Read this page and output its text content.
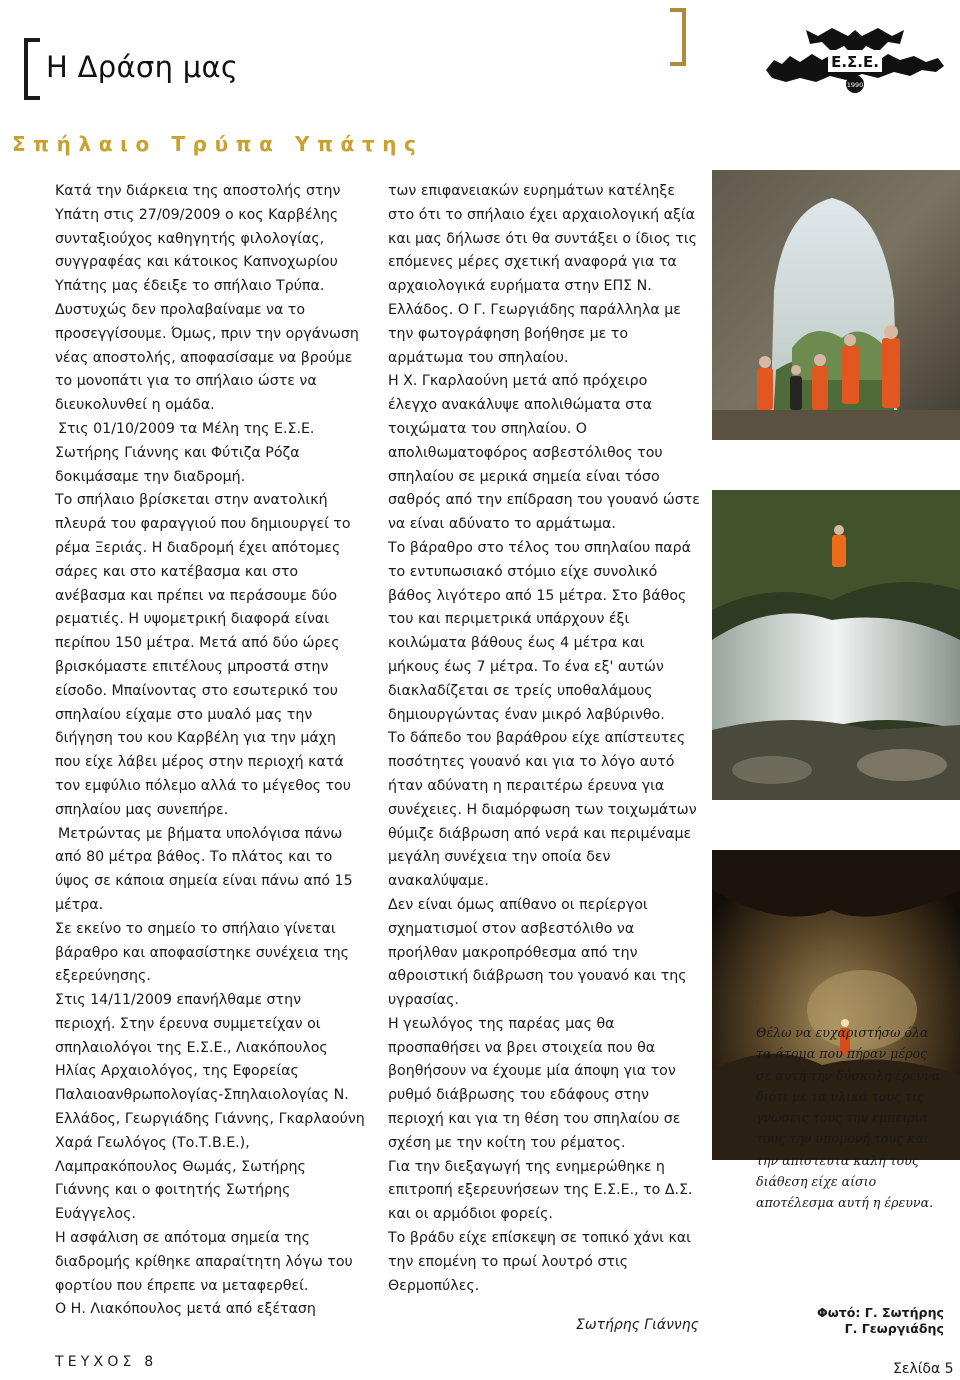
Η Δράση μας	Ε.Σ.Ε.
1990
Σπήλαιο Τρύπα Υπάτης

Κατά την διάρκεια της αποστολής στην Υπάτη στις 27/09/2009 ο κος Καρβέλης συνταξιούχος καθηγητής φιλολογίας, συγγραφέας και κάτοικος Καπνοχωρίου Υπάτης μας έδειξε το σπήλαιο Τρύπα. Δυστυχώς δεν προλαβαίναμε να το προσεγγίσουμε. Όμως, πριν την οργάνωση νέας αποστολής, αποφασίσαμε να βρούμε το μονοπάτι για το σπήλαιο ώστε να διευκολυνθεί η ομάδα.

Στις 01/10/2009 τα Μέλη της Ε.Σ.Ε. Σωτήρης Γιάννης και Φύτιζα Ρόζα δοκιμάσαμε την διαδρομή.

Το σπήλαιο βρίσκεται στην ανατολική πλευρά του φαραγγιού που δημιουργεί το ρέμα Ξεριάς. Η διαδρομή έχει απότομες σάρες και στο κατέβασμα και στο ανέβασμα και πρέπει να περάσουμε δύο ρεματιές. Η υψομετρική διαφορά είναι περίπου 150 μέτρα. Μετά από δύο ώρες βρισκόμαστε επιτέλους μπροστά στην είσοδο. Μπαίνοντας στο εσωτερικό του σπηλαίου είχαμε στο μυαλό μας την διήγηση του κου Καρβέλη για την μάχη που είχε λάβει μέρος στην περιοχή κατά τον εμφύλιο πόλεμο αλλά το μέγεθος του σπηλαίου μας συνεπήρε.

Μετρώντας με βήματα υπολόγισα πάνω από 80 μέτρα βάθος. Το πλάτος και το ύψος σε κάποια σημεία είναι πάνω από 15 μέτρα.

Σε εκείνο το σημείο το σπήλαιο γίνεται βάραθρο και αποφασίστηκε συνέχεια της εξερεύνησης.

Στις 14/11/2009 επανήλθαμε στην περιοχή. Στην έρευνα συμμετείχαν οι σπηλαιολόγοι της Ε.Σ.Ε., Λιακόπουλος Ηλίας Αρχαιολόγος, της Εφορείας Παλαιοανθρωπολογίας-Σπηλαιολογίας Ν. Ελλάδος, Γεωργιάδης Γιάννης, Γκαρλαούνη Χαρά Γεωλόγος (Το.Τ.Β.Ε.), Λαμπρακόπουλος Θωμάς, Σωτήρης Γιάννης και ο φοιτητής Σωτήρης Ευάγγελος.

Η ασφάλιση σε απότομα σημεία της διαδρομής κρίθηκε απαραίτητη λόγω του φορτίου που έπρεπε να μεταφερθεί.

Ο Η. Λιακόπουλος μετά από εξέταση

των επιφανειακών ευρημάτων κατέληξε στο ότι το σπήλαιο έχει αρχαιολογική αξία και μας δήλωσε ότι θα συντάξει ο ίδιος τις επόμενες μέρες σχετική αναφορά για τα αρχαιολογικά ευρήματα στην ΕΠΣ Ν. Ελλάδος. Ο Γ. Γεωργιάδης παράλληλα με την φωτογράφηση βοήθησε με το αρμάτωμα του σπηλαίου.

Η Χ. Γκαρλαούνη μετά από πρόχειρο έλεγχο ανακάλυψε απολιθώματα στα τοιχώματα του σπηλαίου. Ο απολιθωματοφόρος ασβεστόλιθος του σπηλαίου σε μερικά σημεία είναι τόσο σαθρός από την επίδραση του γουανό ώστε να είναι αδύνατο το αρμάτωμα.

Το βάραθρο στο τέλος του σπηλαίου παρά το εντυπωσιακό στόμιο είχε συνολικό βάθος λιγότερο από 15 μέτρα. Στο βάθος του και περιμετρικά υπάρχουν έξι κοιλώματα βάθους έως 4 μέτρα και μήκους έως 7 μέτρα. Το ένα εξ' αυτών διακλαδίζεται σε τρείς υποθαλάμους δημιουργώντας έναν μικρό λαβύρινθο.

Το δάπεδο του βαράθρου είχε απίστευτες ποσότητες γουανό και για το λόγο αυτό ήταν αδύνατη η περαιτέρω έρευνα για συνέχειες. Η διαμόρφωση των τοιχωμάτων θύμιζε διάβρωση από νερά και περιμέναμε μεγάλη συνέχεια την οποία δεν ανακαλύψαμε.

Δεν είναι όμως απίθανο οι περίεργοι σχηματισμοί στον ασβεστόλιθο να προήλθαν μακροπρόθεσμα από την αθροιστική διάβρωση του γουανό και της υγρασίας.

Η γεωλόγος της παρέας μας θα προσπαθήσει να βρει στοιχεία που θα βοηθήσουν να έχουμε μία άποψη για τον ρυθμό διάβρωσης του εδάφους στην περιοχή και για τη θέση του σπηλαίου σε σχέση με την κοίτη του ρέματος.

Για την διεξαγωγή της ενημερώθηκε η επιτροπή εξερευνήσεων της Ε.Σ.Ε., το Δ.Σ. και οι αρμόδιοι φορείς.

Το βράδυ είχε επίσκεψη σε τοπικό χάνι και την επομένη το πρωί λουτρό στις Θερμοπύλες.

Σωτήρης Γιάννης

Θέλω να ευχαριστήσω όλα

τα άτομα που πήραν μέρος

σε αυτή την δύσκολη έρευνα

διότι με τα υλικά τους τις

γνώσεις τους την εμπειρία

τους την υπομονή τους και

την απίστευτα καλή τους

διάθεση είχε αίσιο

αποτέλεσμα αυτή η έρευνα.

Φωτό: Γ. Σωτήρης

Γ. Γεωργιάδης

ΤΕΥΧΟΣ 8	Σελίδα 5
